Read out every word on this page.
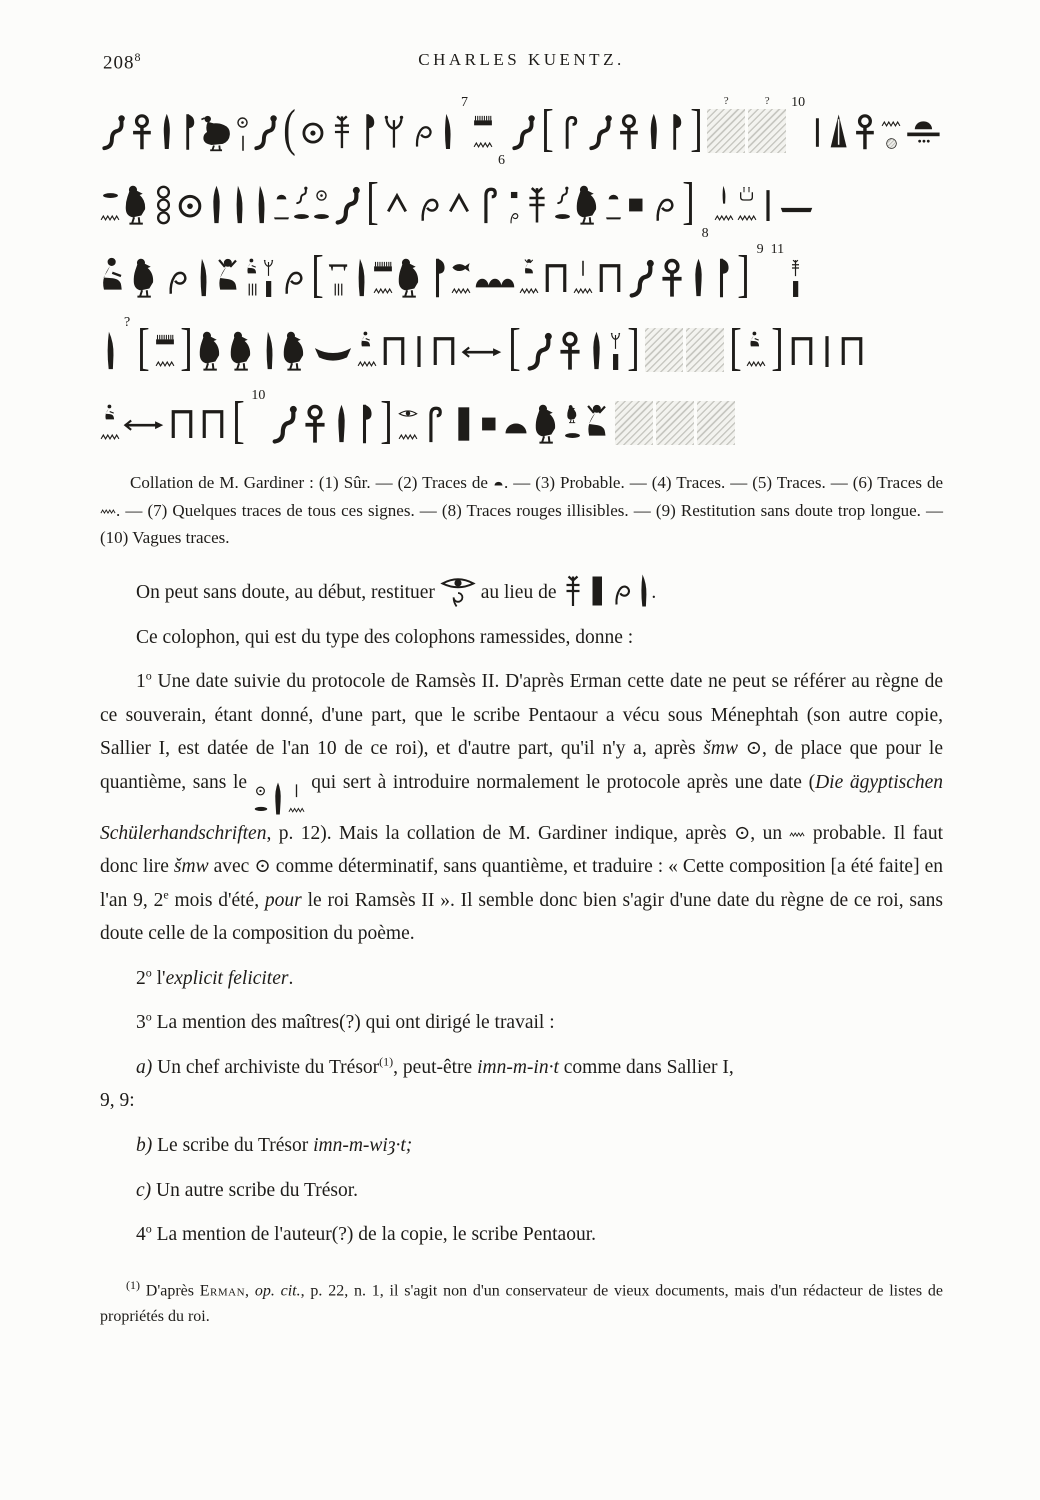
$208^8$	CHARLES KUENTZ.
(	7
6
[	] ?	? 10
[	]
8
[	] 9 11
? [ ]	[ ] [ ]
[ 10 ]

Collation de M. Gardiner : (1) Sûr. — (2) Traces de
. — (3) Probable. — (4) Traces. — (5) Traces. — (6) Traces de
. — (7) Quelques traces de tous ces signes. — (8) Traces rouges illisibles. — (9) Restitution sans doute trop longue. — (10) Vagues traces.

On peut sans doute, au début, restituer
au lieu de	.

Ce colophon, qui est du type des colophons ramessides, donne :

1$^o$ Une date suivie du protocole de Ramsès II. D'après Erman cette date ne peut se référer au règne de ce souverain, étant donné, d'une part, que le scribe Pentaour a vécu sous Ménephtah (son autre copie, Sallier I, est datée de l'an 10 de ce roi), et d'autre part, qu'il n'y a, après šmw ⊙, de place que pour le quantième, sans le	qui sert à introduire normalement le protocole après une date (Die ägyptischen Schülerhandschriften, p. 12). Mais la collation de M. Gardiner indique, après ⊙, un
probable. Il faut donc lire šmw avec ⊙ comme déterminatif, sans quantième, et traduire : « Cette composition [a été faite] en l'an 9, 2e mois d'été, pour le roi Ramsès II ». Il semble donc bien s'agir d'une date du règne de ce roi, sans doute celle de la composition du poème.

2$^o$ l'explicit feliciter.

3$^o$ La mention des maîtres(?) qui ont dirigé le travail :

a) Un chef archiviste du Trésor$^{(1)}$, peut-être imn-m-in·t comme dans Sallier I,
9, 9:

b) Le scribe du Trésor imn-m-wiȝ·t;

c) Un autre scribe du Trésor.

4$^o$ La mention de l'auteur(?) de la copie, le scribe Pentaour.

$^{(1)}$ D'après Erman, op. cit., p. 22, n. 1, il s'agit non d'un conservateur de vieux documents, mais d'un rédacteur de listes de propriétés du roi.
